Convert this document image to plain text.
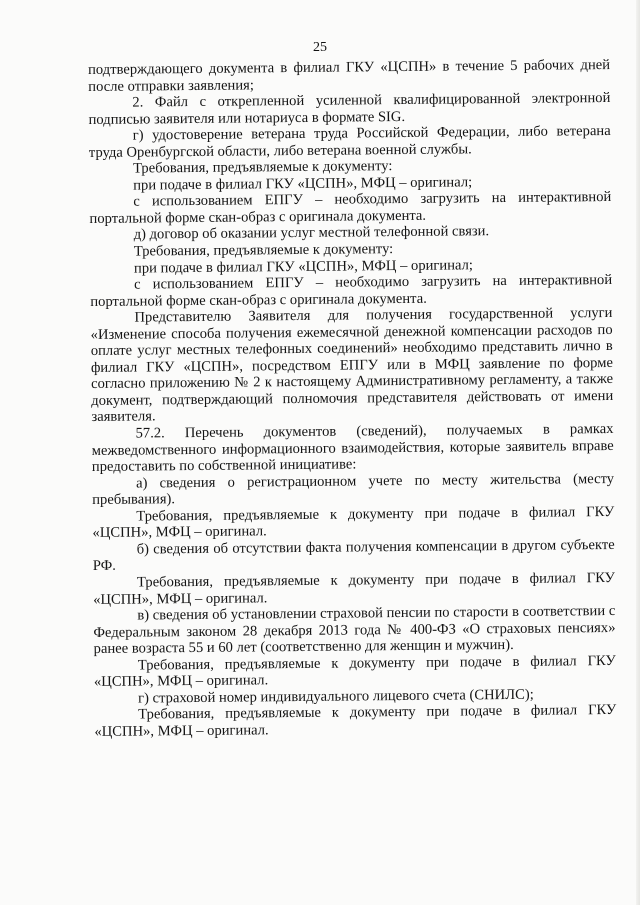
25

подтверждающего документа в филиал ГКУ «ЦСПН» в течение 5 рабочих дней после отправки заявления;

2. Файл с открепленной усиленной квалифицированной электронной подписью заявителя или нотариуса в формате SIG.

г) удостоверение ветерана труда Российской Федерации, либо ветерана труда Оренбургской области, либо ветерана военной службы.

Требования, предъявляемые к документу:

при подаче в филиал ГКУ «ЦСПН», МФЦ – оригинал;

с использованием ЕПГУ – необходимо загрузить на интерактивной портальной форме скан-образ с оригинала документа.

д) договор об оказании услуг местной телефонной связи.

Требования, предъявляемые к документу:

при подаче в филиал ГКУ «ЦСПН», МФЦ – оригинал;

с использованием ЕПГУ – необходимо загрузить на интерактивной портальной форме скан-образ с оригинала документа.

Представителю Заявителя для получения государственной услуги «Изменение способа получения ежемесячной денежной компенсации расходов по оплате услуг местных телефонных соединений» необходимо представить лично в филиал ГКУ «ЦСПН», посредством ЕПГУ или в МФЦ заявление по форме согласно приложению № 2 к настоящему Административному регламенту, а также документ, подтверждающий полномочия представителя действовать от имени заявителя.

57.2. Перечень документов (сведений), получаемых в рамках межведомственного информационного взаимодействия, которые заявитель вправе предоставить по собственной инициативе:

а) сведения о регистрационном учете по месту жительства (месту пребывания).

Требования, предъявляемые к документу при подаче в филиал ГКУ «ЦСПН», МФЦ – оригинал.

б) сведения об отсутствии факта получения компенсации в другом субъекте РФ.

Требования, предъявляемые к документу при подаче в филиал ГКУ «ЦСПН», МФЦ – оригинал.

в) сведения об установлении страховой пенсии по старости в соответствии с Федеральным законом 28 декабря 2013 года № 400-ФЗ «О страховых пенсиях» ранее возраста 55 и 60 лет (соответственно для женщин и мужчин).

Требования, предъявляемые к документу при подаче в филиал ГКУ «ЦСПН», МФЦ – оригинал.

г) страховой номер индивидуального лицевого счета (СНИЛС);

Требования, предъявляемые к документу при подаче в филиал ГКУ «ЦСПН», МФЦ – оригинал.
